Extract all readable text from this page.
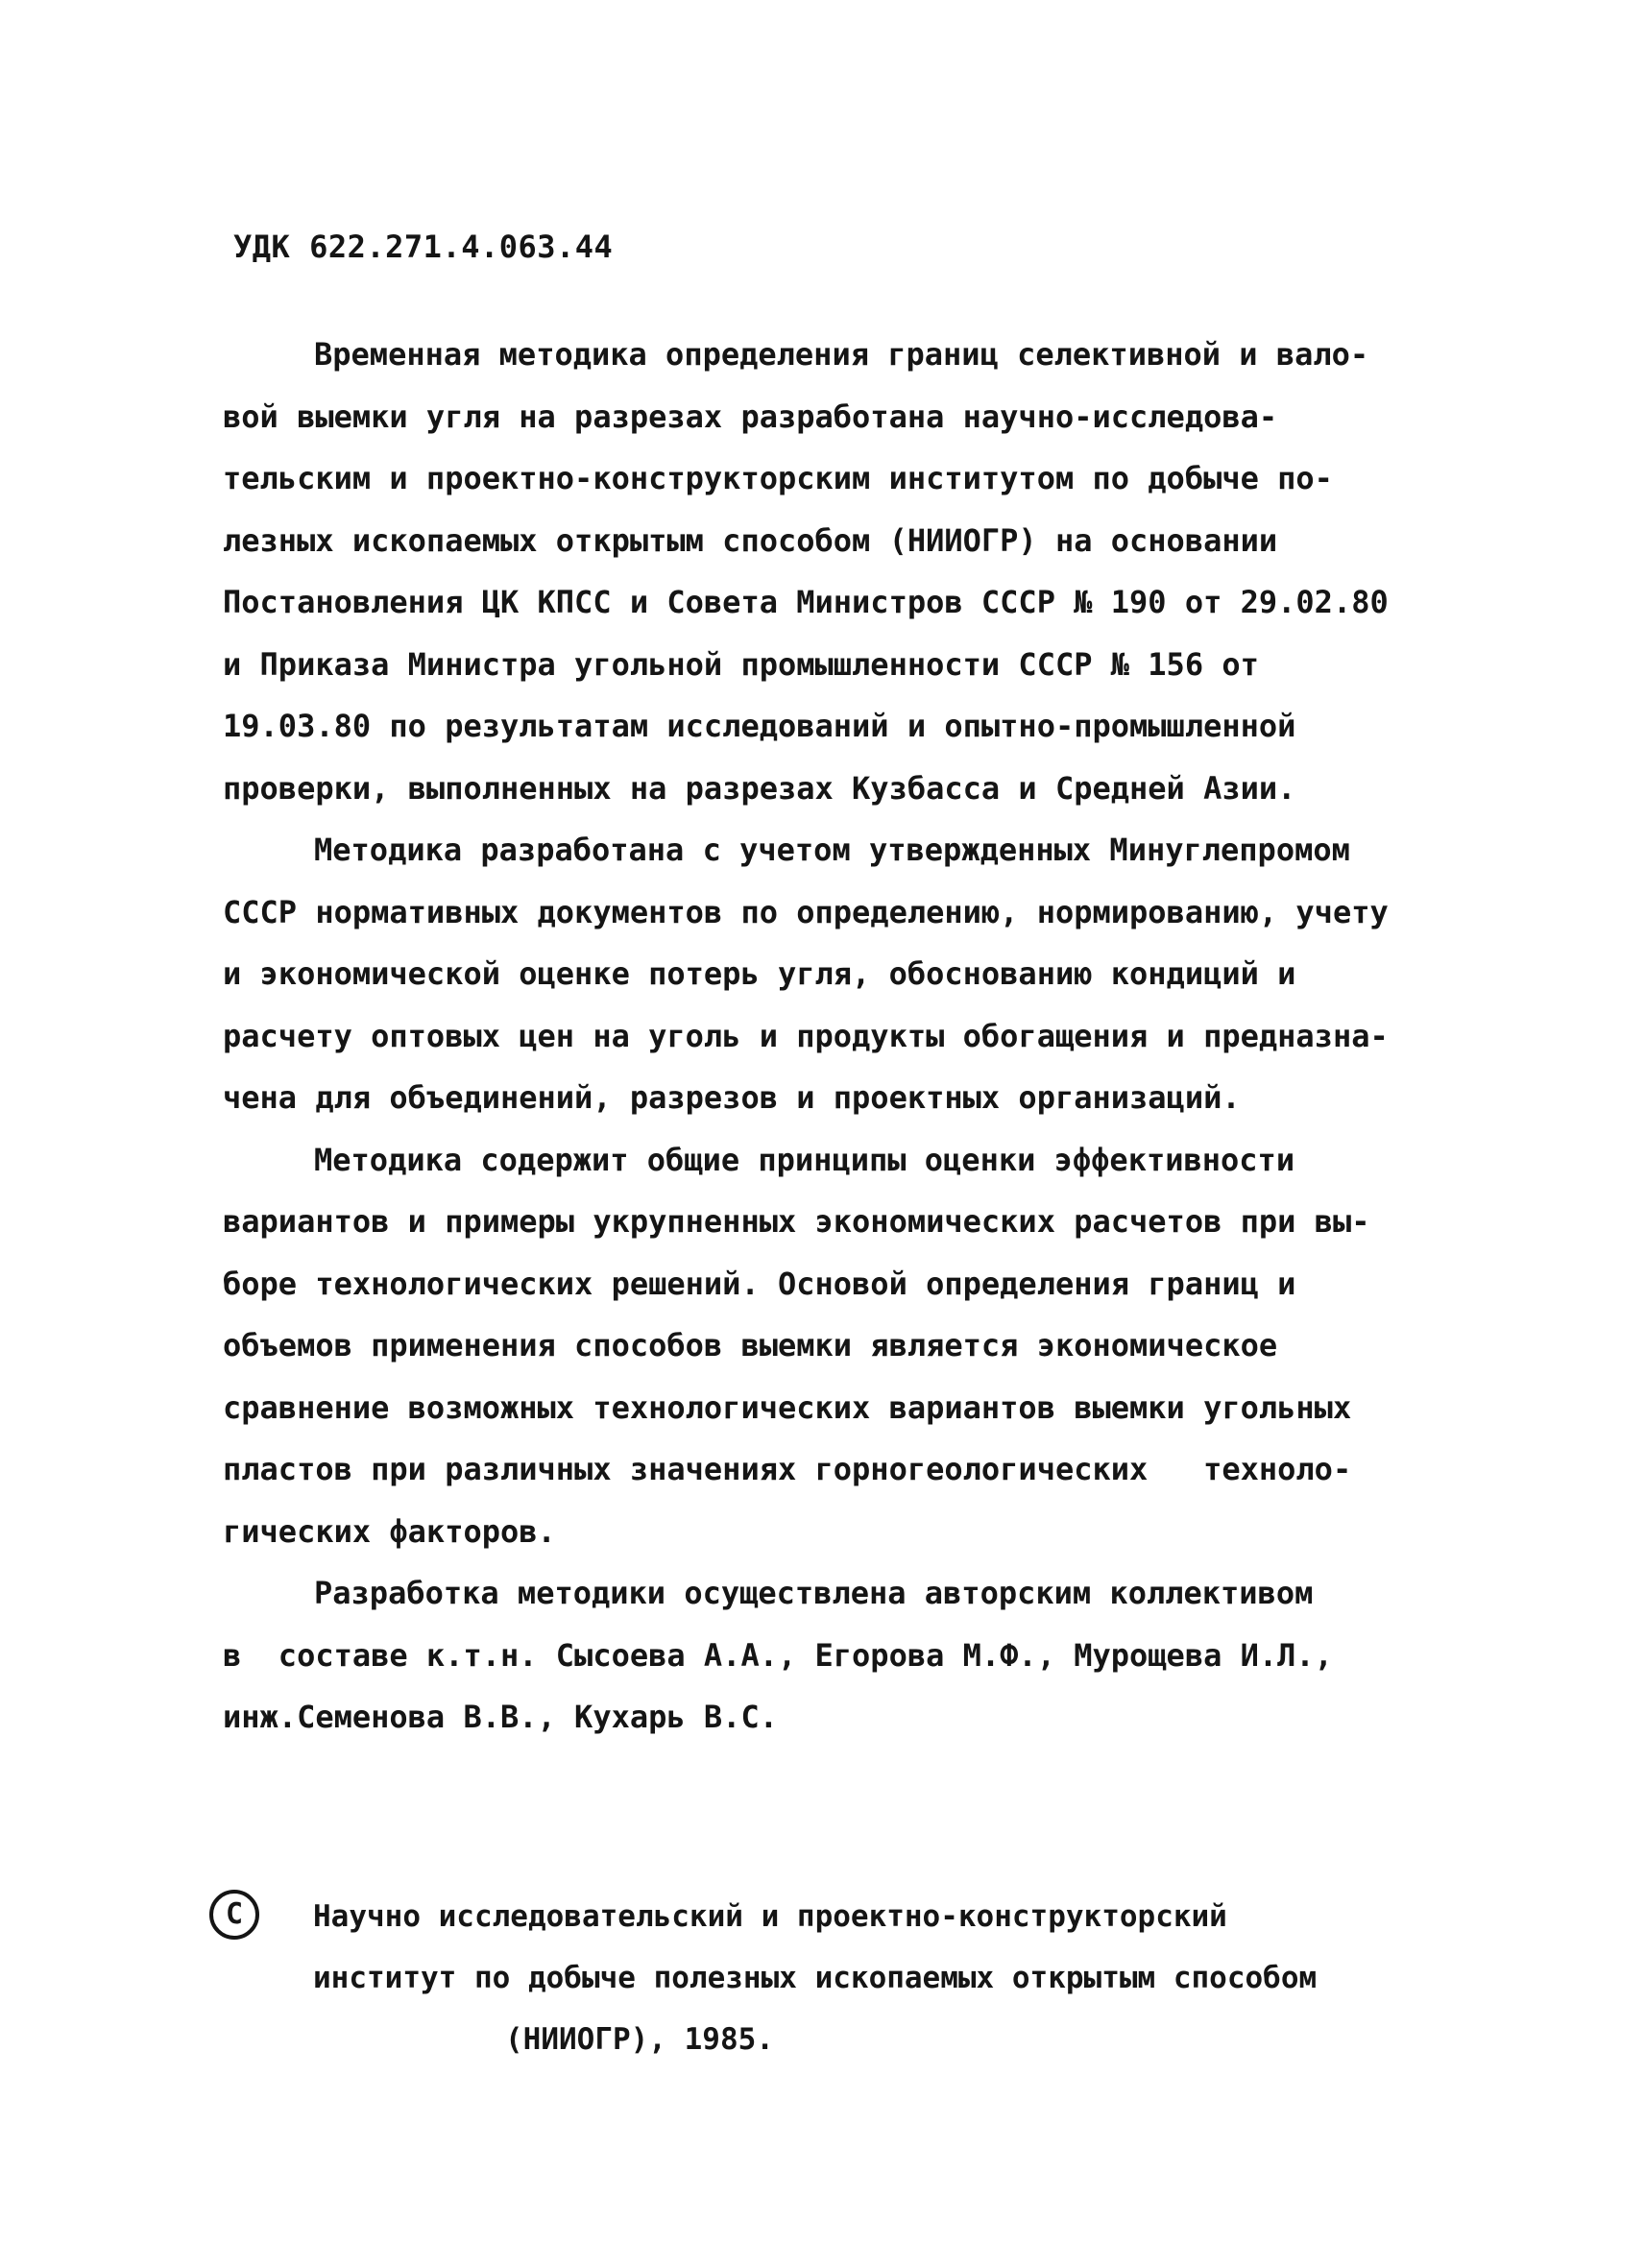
УДК 622.271.4.063.44
Временная методика определения границ селективной и вало-
вой выемки угля на разрезах разработана научно-исследова-
тельским и проектно-конструкторским институтом по добыче по-
лезных ископаемых открытым способом (НИИОГР) на основании
Постановления ЦК КПСС и Совета Министров СССР № 190 от 29.02.80
и Приказа Министра угольной промышленности СССР № 156 от
19.03.80 по результатам исследований и опытно-промышленной
проверки, выполненных на разрезах Кузбасса и Средней Азии.
Методика разработана с учетом утвержденных Минуглепромом
СССР нормативных документов по определению, нормированию, учету
и экономической оценке потерь угля, обоснованию кондиций и
расчету оптовых цен на уголь и продукты обогащения и предназна-
чена для объединений, разрезов и проектных организаций.
Методика содержит общие принципы оценки эффективности
вариантов и примеры укрупненных экономических расчетов при вы-
боре технологических решений. Основой определения границ и
объемов применения способов выемки является экономическое
сравнение возможных технологических вариантов выемки угольных
пластов при различных значениях горногеологических   техноло-
гических факторов.
Разработка методики осуществлена авторским коллективом
в  составе к.т.н. Сысоева А.А., Егорова М.Ф., Мурощева И.Л.,
инж.Семенова В.В., Кухарь В.С.
С	Научно исследовательский и проектно-конструкторский
институт по добыче полезных ископаемых открытым способом
(НИИОГР), 1985.
